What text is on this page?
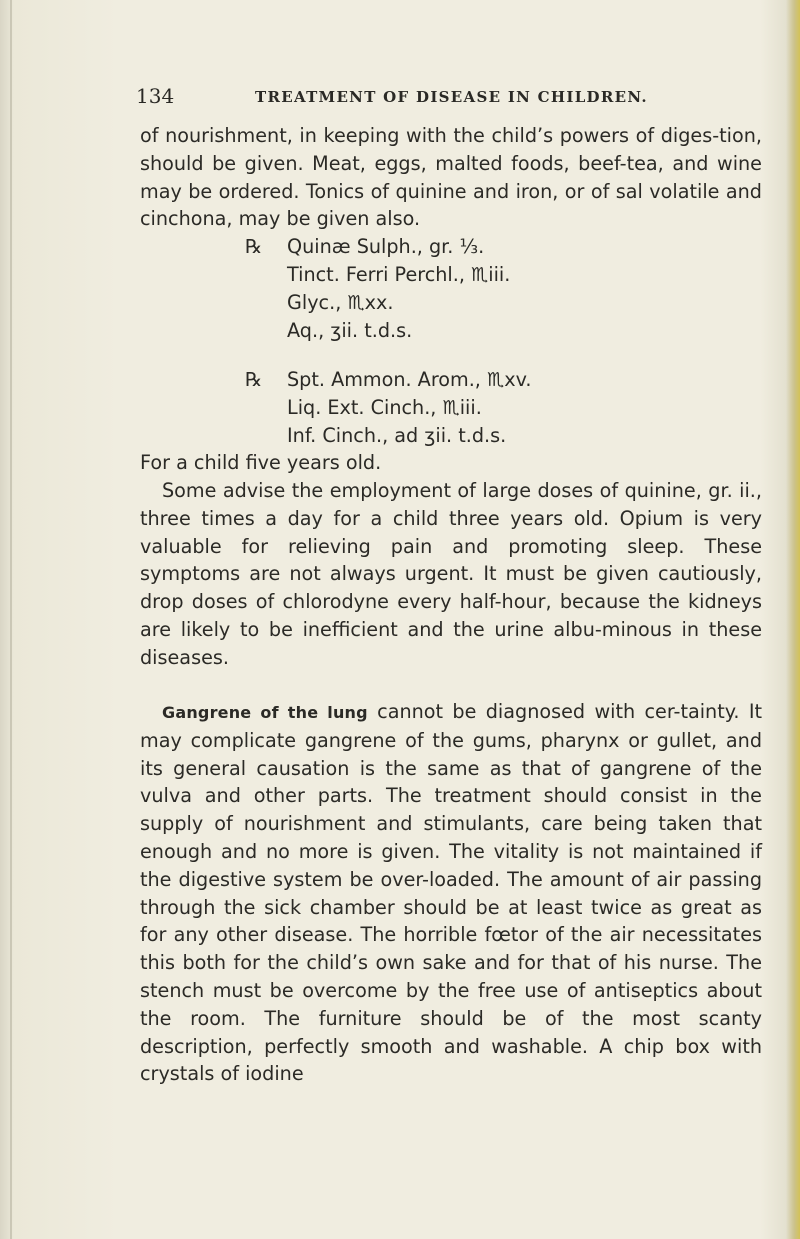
134	TREATMENT OF DISEASE IN CHILDREN.
of nourishment, in keeping with the child’s powers of diges-tion, should be given. Meat, eggs, malted foods, beef-tea, and wine may be ordered. Tonics of quinine and iron, or of sal volatile and cinchona, may be given also.
℞ Quinæ Sulph., gr. ⅓.
Tinct. Ferri Perchl., ♏iii.
Glyc., ♏xx.
Aq., ʒii. t.d.s.
℞ Spt. Ammon. Arom., ♏xv.
Liq. Ext. Cinch., ♏iii.
Inf. Cinch., ad ʒii. t.d.s.
For a child five years old.
Some advise the employment of large doses of quinine, gr. ii., three times a day for a child three years old. Opium is very valuable for relieving pain and promoting sleep. These symptoms are not always urgent. It must be given cautiously, drop doses of chlorodyne every half-hour, because the kidneys are likely to be inefficient and the urine albu-minous in these diseases.
Gangrene of the lung cannot be diagnosed with cer-tainty. It may complicate gangrene of the gums, pharynx or gullet, and its general causation is the same as that of gangrene of the vulva and other parts. The treatment should consist in the supply of nourishment and stimulants, care being taken that enough and no more is given. The vitality is not maintained if the digestive system be over-loaded. The amount of air passing through the sick chamber should be at least twice as great as for any other disease. The horrible fœtor of the air necessitates this both for the child’s own sake and for that of his nurse. The stench must be overcome by the free use of antiseptics about the room. The furniture should be of the most scanty description, perfectly smooth and washable. A chip box with crystals of iodine
